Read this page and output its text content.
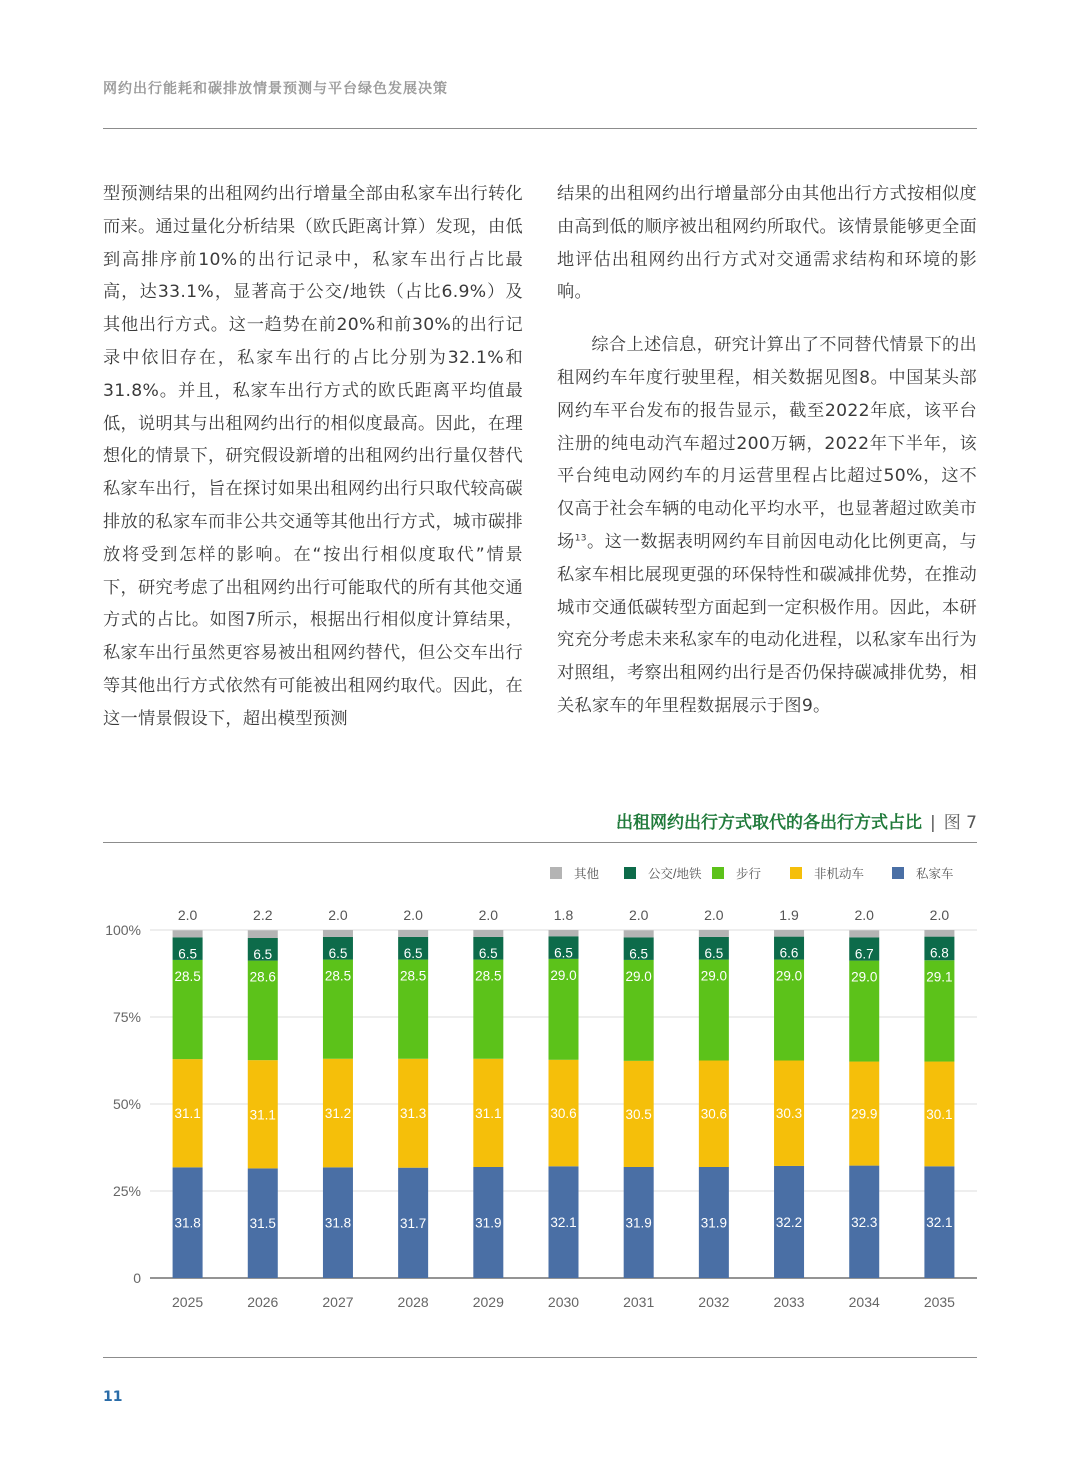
网约出行能耗和碳排放情景预测与平台绿色发展决策

型预测结果的出租网约出行增量全部由私家车出行转化而来。通过量化分析结果（欧氏距离计算）发现，由低到高排序前10%的出行记录中，私家车出行占比最高，达33.1%，显著高于公交/地铁（占比6.9%）及其他出行方式。这一趋势在前20%和前30%的出行记录中依旧存在，私家车出行的占比分别为32.1%和31.8%。并且，私家车出行方式的欧氏距离平均值最低，说明其与出租网约出行的相似度最高。因此，在理想化的情景下，研究假设新增的出租网约出行量仅替代私家车出行，旨在探讨如果出租网约出行只取代较高碳排放的私家车而非公共交通等其他出行方式，城市碳排放将受到怎样的影响。在“按出行相似度取代”情景下，研究考虑了出租网约出行可能取代的所有其他交通方式的占比。如图7所示，根据出行相似度计算结果，私家车出行虽然更容易被出租网约替代，但公交车出行等其他出行方式依然有可能被出租网约取代。因此，在这一情景假设下，超出模型预测

结果的出租网约出行增量部分由其他出行方式按相似度由高到低的顺序被出租网约所取代。该情景能够更全面地评估出租网约出行方式对交通需求结构和环境的影响。

综合上述信息，研究计算出了不同替代情景下的出租网约车年度行驶里程，相关数据见图8。中国某头部网约车平台发布的报告显示，截至2022年底，该平台注册的纯电动汽车超过200万辆，2022年下半年，该平台纯电动网约车的月运营里程占比超过50%，这不仅高于社会车辆的电动化平均水平，也显著超过欧美市场$^{13}$。这一数据表明网约车目前因电动化比例更高，与私家车相比展现更强的环保特性和碳减排优势，在推动城市交通低碳转型方面起到一定积极作用。因此，本研究充分考虑未来私家车的电动化进程，以私家车出行为对照组，考察出租网约出行是否仍保持碳减排优势，相关私家车的年里程数据展示于图9。

出租网约出行方式取代的各出行方式占比 | 图 7
0
25%
50%
75%
100%
31.8
31.1
28.5
6.5
2.0
2025
31.5
31.1
28.6
6.5
2.2
2026
31.8
31.2
28.5
6.5
2.0
2027
31.7
31.3
28.5
6.5
2.0
2028
31.9
31.1
28.5
6.5
2.0
2029
32.1
30.6
29.0
6.5
1.8
2030
31.9
30.5
29.0
6.5
2.0
2031
31.9
30.6
29.0
6.5
2.0
2032
32.2
30.3
29.0
6.6
1.9
2033
32.3
29.9
29.0
6.7
2.0
2034
32.1
30.1
29.1
6.8
2.0
2035
其他	公交/地铁	步行	非机动车	私家车
11
